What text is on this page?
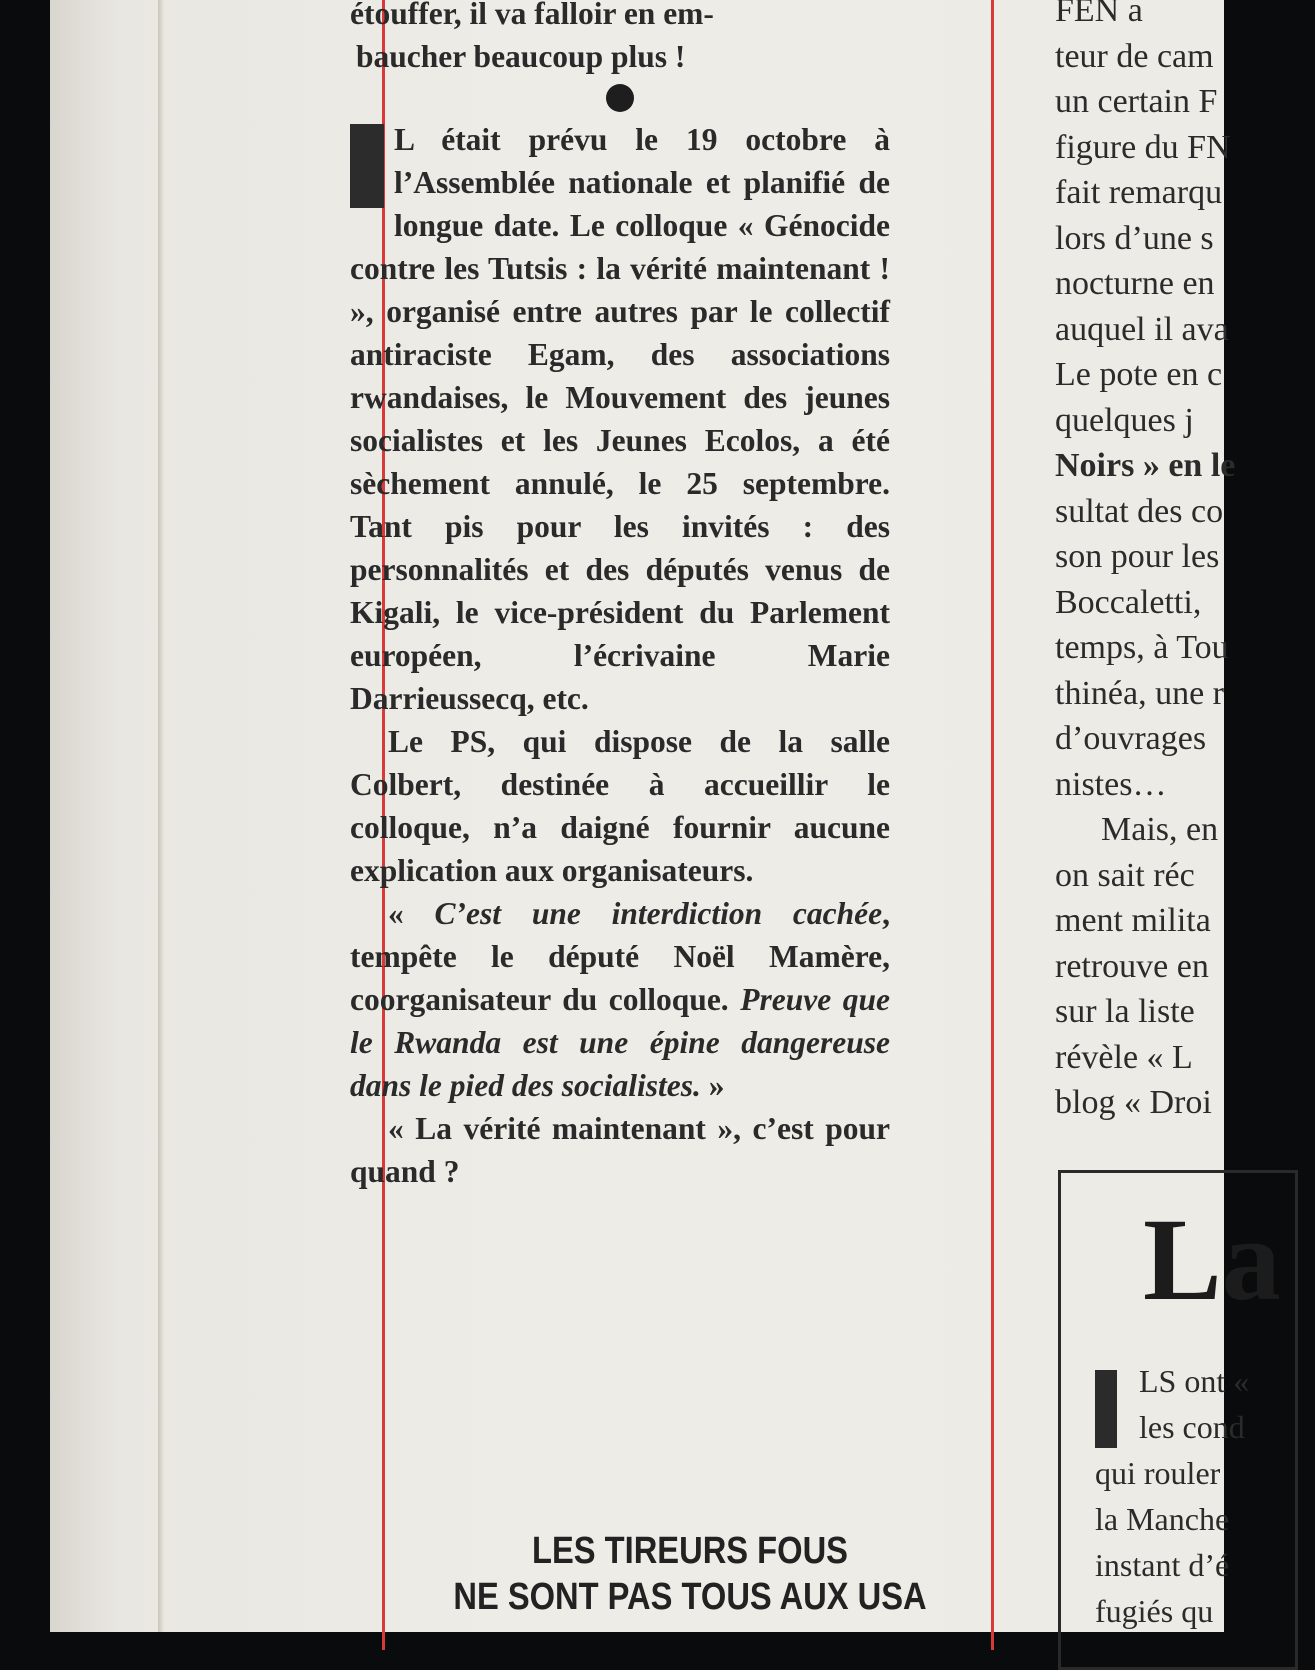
étouffer, il va falloir en em-
baucher beaucoup plus !

L était prévu le 19 octobre à l’Assemblée nationale et planifié de longue date. Le colloque « Génocide contre les Tutsis : la vérité maintenant ! », organisé entre autres par le collectif antiraciste Egam, des associations rwandaises, le Mouvement des jeunes socialistes et les Jeunes Ecolos, a été sèchement annulé, le 25 septembre. Tant pis pour les invités : des personnalités et des députés venus de Kigali, le vice-président du Parlement européen, l’écrivaine Marie Darrieussecq, etc.

Le PS, qui dispose de la salle Colbert, destinée à accueillir le colloque, n’a daigné fournir aucune explication aux organisateurs.

« C’est une interdiction cachée, tempête le député Noël Mamère, coorganisateur du colloque. Preuve que le Rwanda est une épine dangereuse dans le pied des socialistes. »

« La vérité maintenant », c’est pour quand ?

LES TIREURS FOUS
NE SONT PAS TOUS AUX USA
FEN a
teur de cam
un certain F
figure du FN
fait remarqu
lors d’une s
nocturne en
auquel il ava
Le pote en c
quelques j
Noirs » en le
sultat des co
son pour les
Boccaletti,
temps, à Tou
thinéa, une r
d’ouvrages
nistes…
Mais, en
on sait réc
ment milita
retrouve en
sur la liste
révèle « L
blog « Droi
La
LS ont «
les cond
qui rouler
la Manche
instant d’é
fugiés qu
